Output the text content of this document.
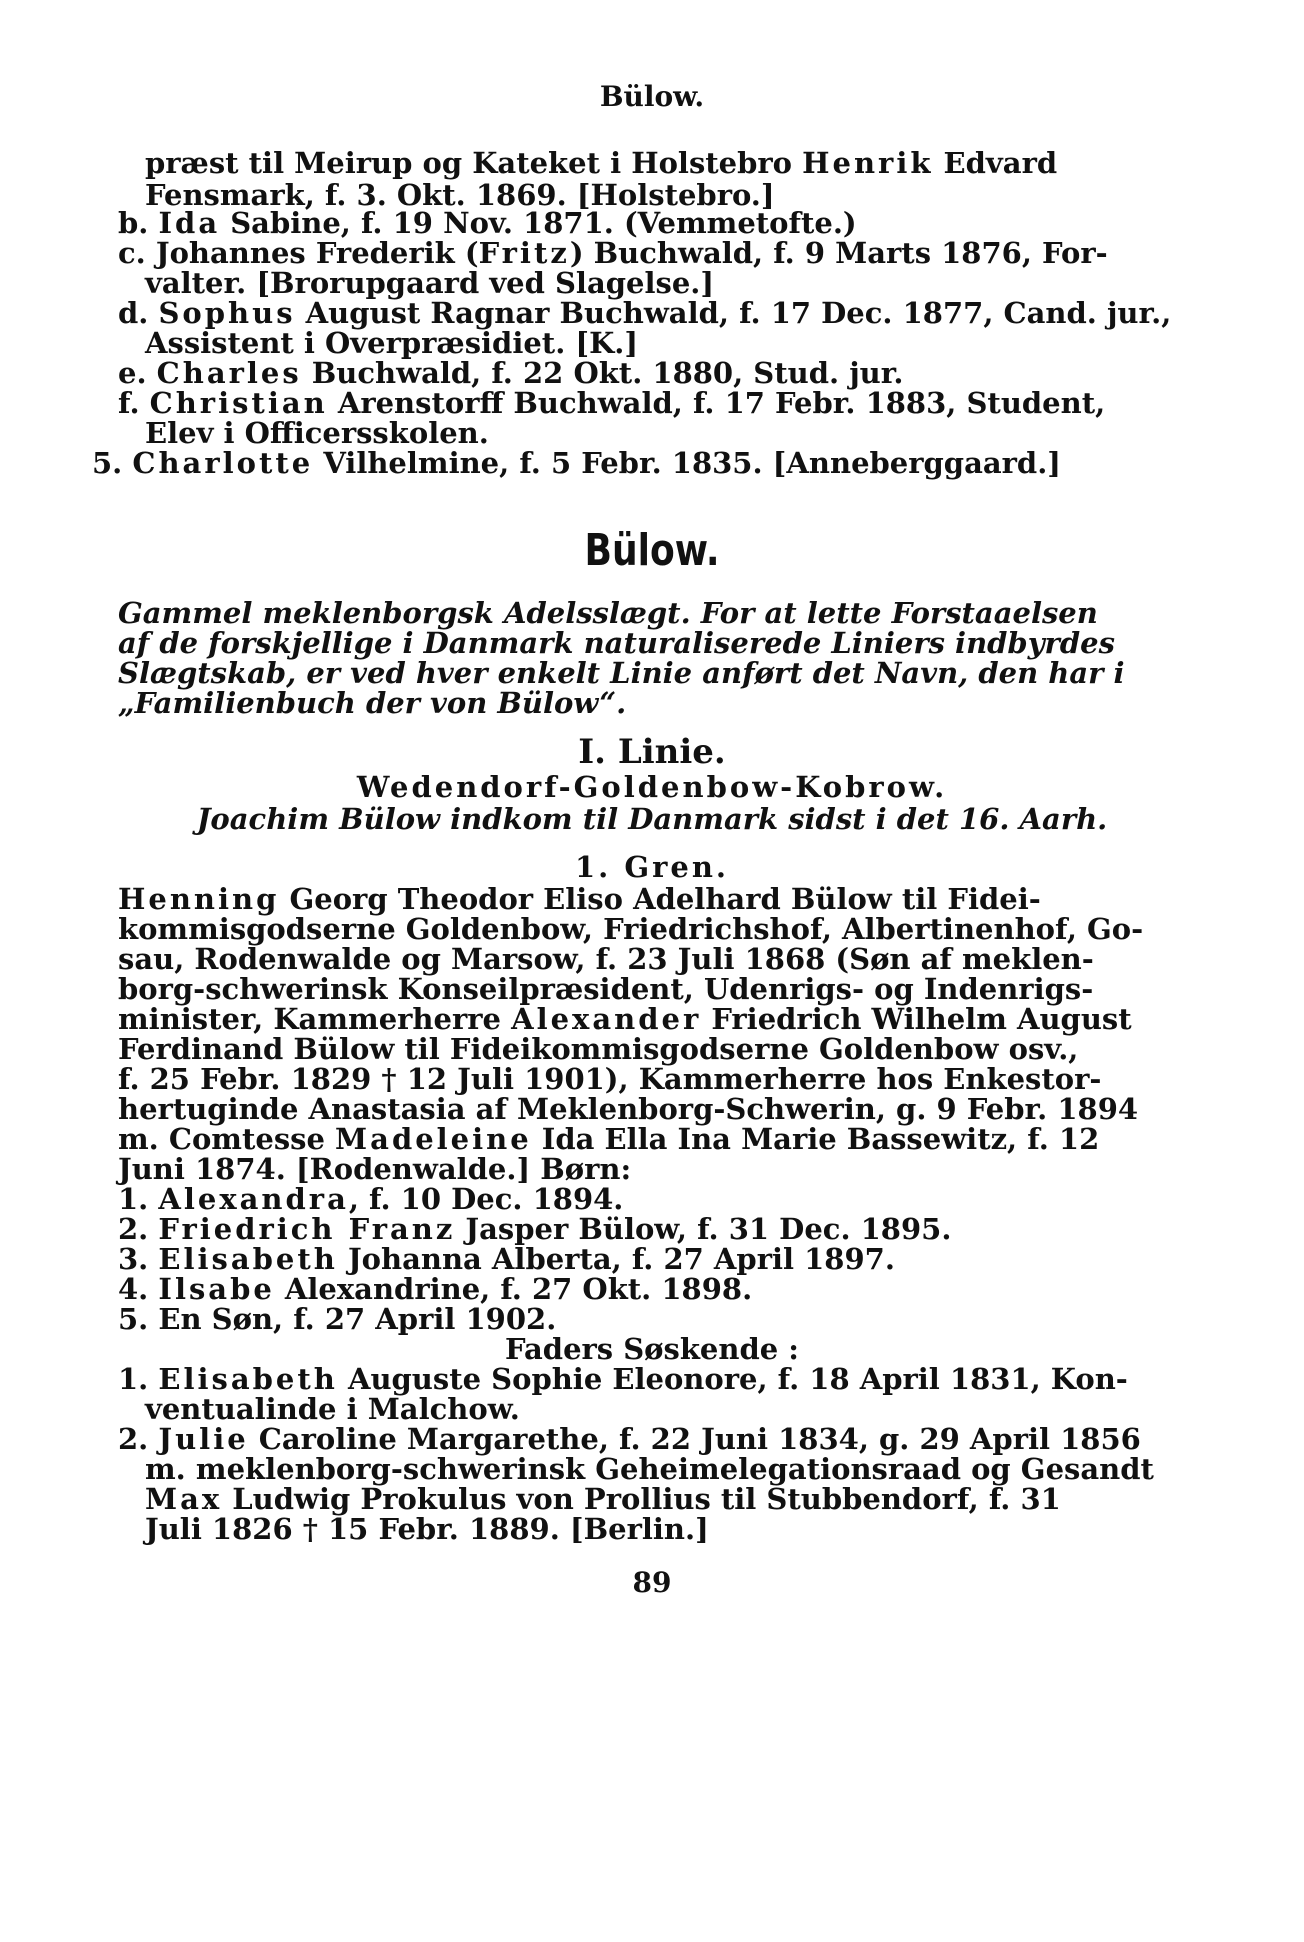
Bülow.
præst til Meirup og Kateket i Holstebro Henrik Edvard
Fensmark, f. 3. Okt. 1869. [Holstebro.]
b. Ida Sabine, f. 19 Nov. 1871. (Vemmetofte.)
c. Johannes Frederik (Fritz) Buchwald, f. 9 Marts 1876, For-
valter. [Brorupgaard ved Slagelse.]
d. Sophus August Ragnar Buchwald, f. 17 Dec. 1877, Cand. jur.,
Assistent i Overpræsidiet. [K.]
e. Charles Buchwald, f. 22 Okt. 1880, Stud. jur.
f. Christian Arenstorff Buchwald, f. 17 Febr. 1883, Student,
Elev i Officersskolen.
5. Charlotte Vilhelmine, f. 5 Febr. 1835. [Anneberggaard.]
Bülow.
Gammel meklenborgsk Adelsslægt. For at lette Forstaaelsen
af de forskjellige i Danmark naturaliserede Liniers indbyrdes
Slægtskab, er ved hver enkelt Linie anført det Navn, den har i
„Familienbuch der von Bülow“.
I. Linie.
Wedendorf-Goldenbow-Kobrow.
Joachim Bülow indkom til Danmark sidst i det 16. Aarh.
1. Gren.
Henning Georg Theodor Eliso Adelhard Bülow til Fidei-
kommisgodserne Goldenbow, Friedrichshof, Albertinenhof, Go-
sau, Rodenwalde og Marsow, f. 23 Juli 1868 (Søn af meklen-
borg-schwerinsk Konseilpræsident, Udenrigs- og Indenrigs-
minister, Kammerherre Alexander Friedrich Wilhelm August
Ferdinand Bülow til Fideikommisgodserne Goldenbow osv.,
f. 25 Febr. 1829 † 12 Juli 1901), Kammerherre hos Enkestor-
hertuginde Anastasia af Meklenborg-Schwerin, g. 9 Febr. 1894
m. Comtesse Madeleine Ida Ella Ina Marie Bassewitz, f. 12
Juni 1874. [Rodenwalde.] Børn:
1. Alexandra, f. 10 Dec. 1894.
2. Friedrich Franz Jasper Bülow, f. 31 Dec. 1895.
3. Elisabeth Johanna Alberta, f. 27 April 1897.
4. Ilsabe Alexandrine, f. 27 Okt. 1898.
5. En Søn, f. 27 April 1902.
Faders Søskende :
1. Elisabeth Auguste Sophie Eleonore, f. 18 April 1831, Kon-
ventualinde i Malchow.
2. Julie Caroline Margarethe, f. 22 Juni 1834, g. 29 April 1856
m. meklenborg-schwerinsk Geheimelegationsraad og Gesandt
Max Ludwig Prokulus von Prollius til Stubbendorf, f. 31
Juli 1826 † 15 Febr. 1889. [Berlin.]
89
